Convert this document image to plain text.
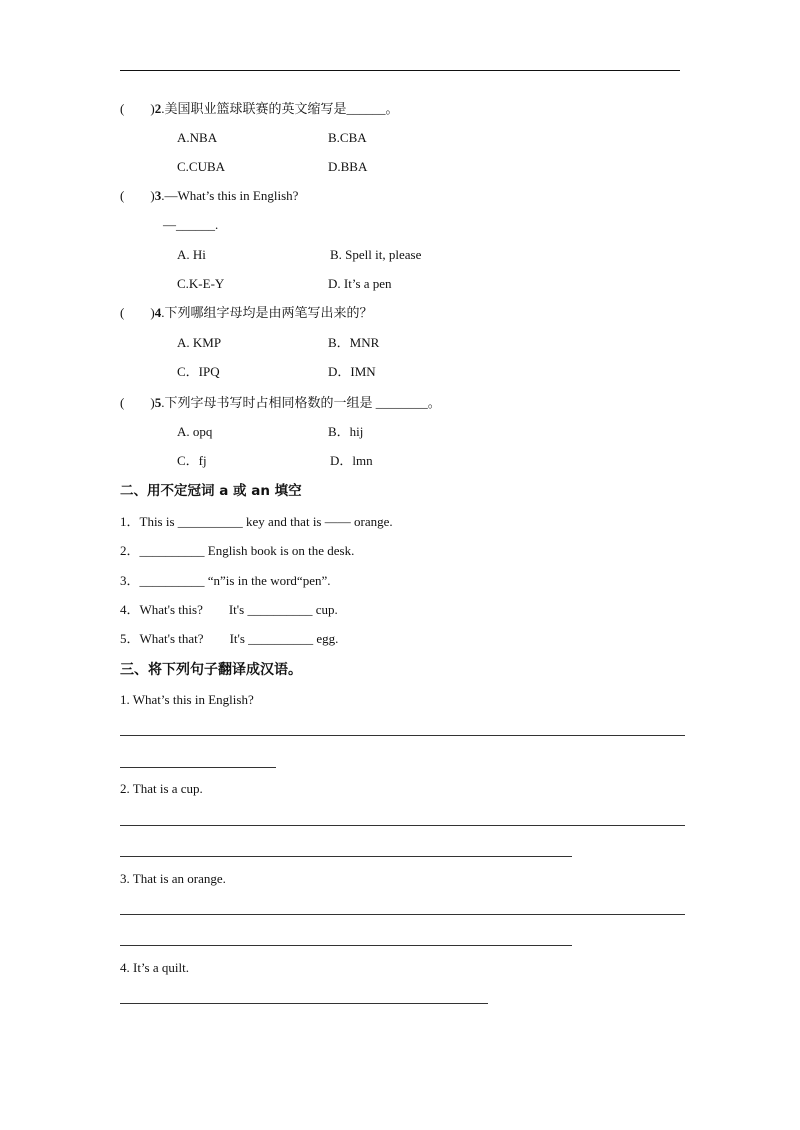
( )2.美国职业篮球联赛的英文缩写是______。
A.NBA	B.CBA
C.CUBA	D.BBA
( )3.—What’s this in English?
—______.
A. Hi	B. Spell it, please
C.K-E-Y	D. It’s a pen
( )4.下列哪组字母均是由两笔写出来的？
A. KMP	B．MNR
C．IPQ	D．IMN
( )5.下列字母书写时占相同格数的一组是 ________。
A. opq	B．hij
C．fj	D．lmn
二、用不定冠词 a 或 an 填空
1．This is __________ key and that is —— orange.
2．__________ English book is on the desk.
3．__________ “n”is in the word“pen”.
4．What's this?        It's __________ cup.
5．What's that?        It's __________ egg.
三、将下列句子翻译成汉语。
1. What’s this in English?
2. That is a cup.
3. That is an orange.
4. It’s a quilt.
